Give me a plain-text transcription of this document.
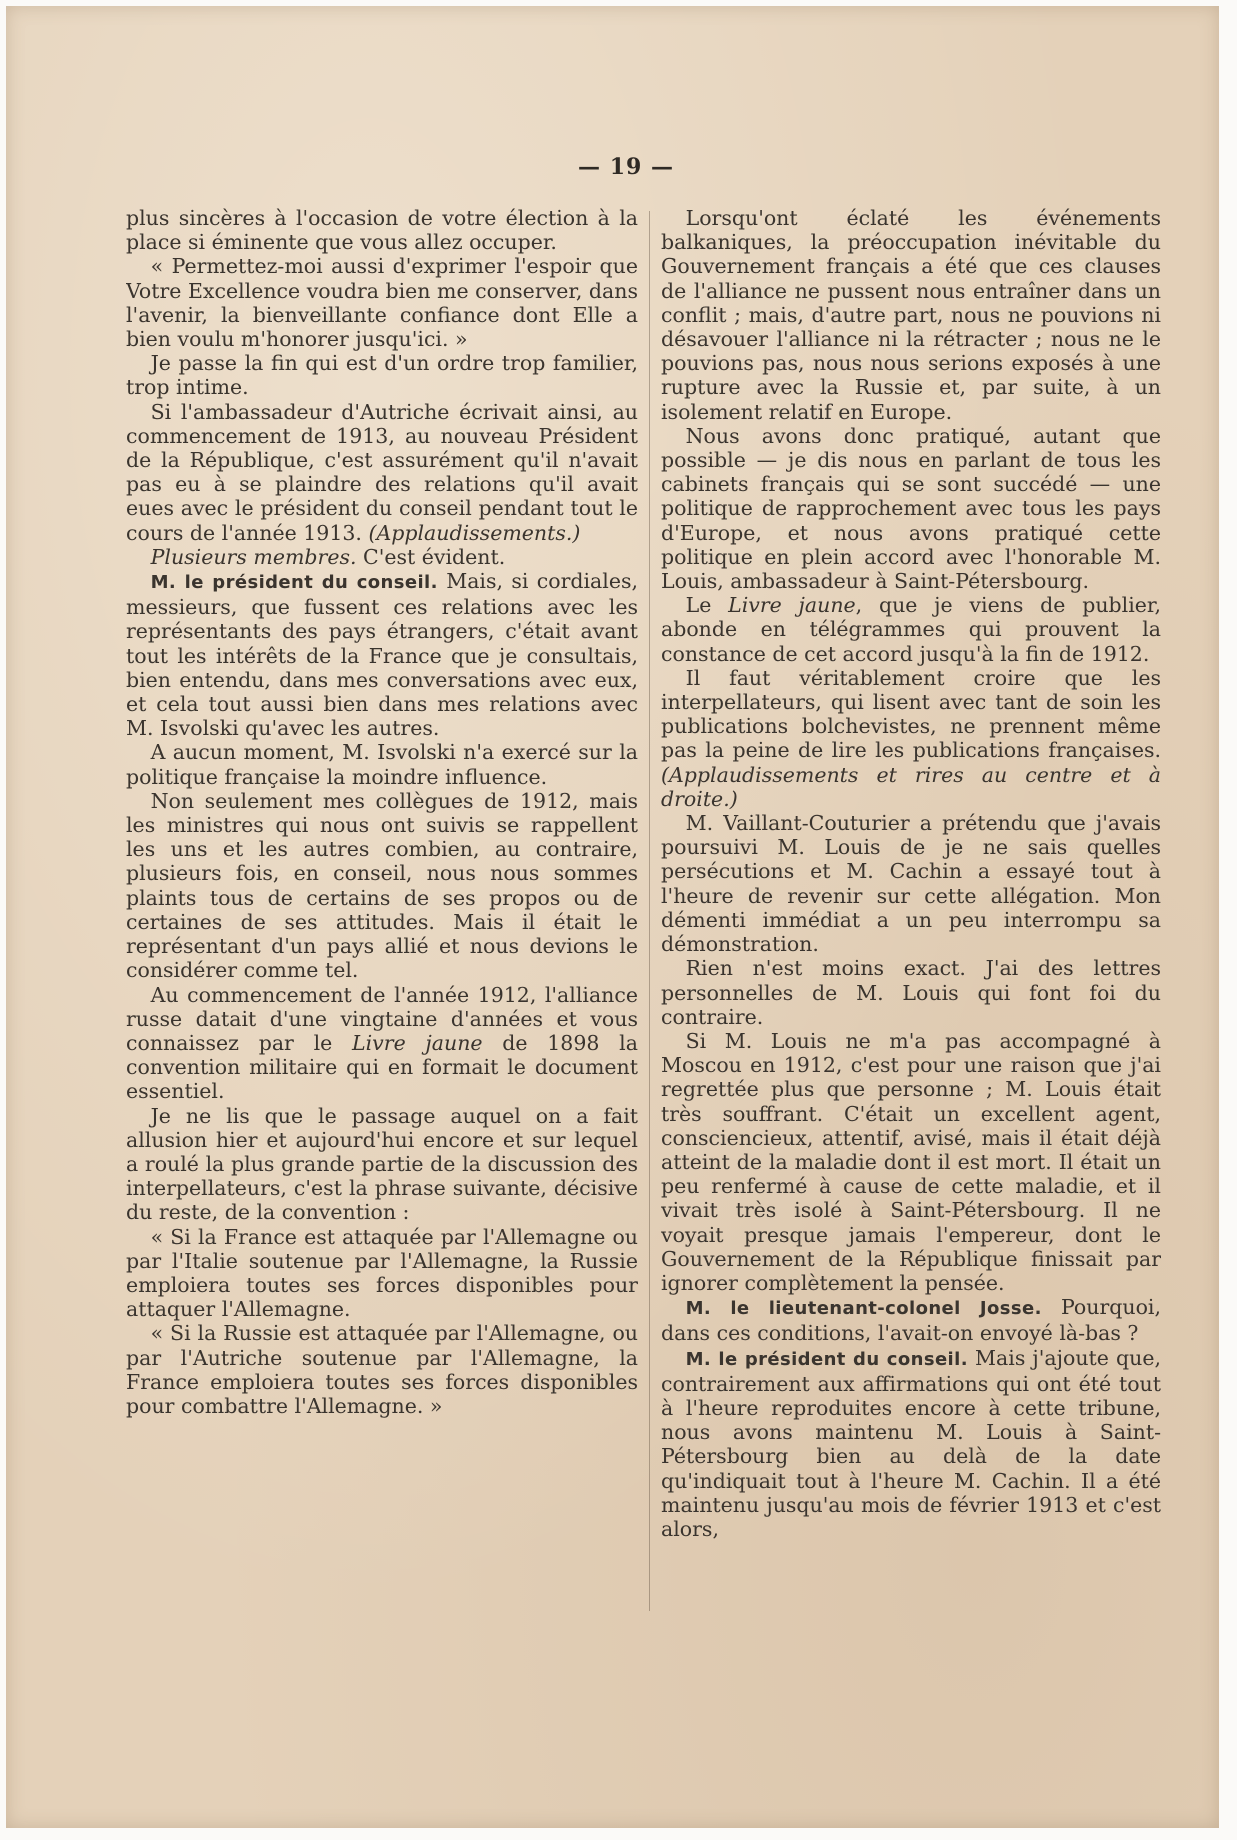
— 19 —

plus sincères à l'occasion de votre élection à la place si éminente que vous allez occuper.

« Permettez-moi aussi d'exprimer l'espoir que Votre Excellence voudra bien me conserver, dans l'avenir, la bienveillante confiance dont Elle a bien voulu m'honorer jusqu'ici. »

Je passe la fin qui est d'un ordre trop familier, trop intime.

Si l'ambassadeur d'Autriche écrivait ainsi, au commencement de 1913, au nouveau Président de la République, c'est assurément qu'il n'avait pas eu à se plaindre des relations qu'il avait eues avec le président du conseil pendant tout le cours de l'année 1913. (Applaudissements.)

Plusieurs membres. C'est évident.

M. le président du conseil. Mais, si cordiales, messieurs, que fussent ces relations avec les représentants des pays étrangers, c'était avant tout les intérêts de la France que je consultais, bien entendu, dans mes conversations avec eux, et cela tout aussi bien dans mes relations avec M. Isvolski qu'avec les autres.

A aucun moment, M. Isvolski n'a exercé sur la politique française la moindre influence.

Non seulement mes collègues de 1912, mais les ministres qui nous ont suivis se rappellent les uns et les autres combien, au contraire, plusieurs fois, en conseil, nous nous sommes plaints tous de certains de ses propos ou de certaines de ses attitudes. Mais il était le représentant d'un pays allié et nous devions le considérer comme tel.

Au commencement de l'année 1912, l'alliance russe datait d'une vingtaine d'années et vous connaissez par le Livre jaune de 1898 la convention militaire qui en formait le document essentiel.

Je ne lis que le passage auquel on a fait allusion hier et aujourd'hui encore et sur lequel a roulé la plus grande partie de la discussion des interpellateurs, c'est la phrase suivante, décisive du reste, de la convention :

« Si la France est attaquée par l'Allemagne ou par l'Italie soutenue par l'Allemagne, la Russie emploiera toutes ses forces disponibles pour attaquer l'Allemagne.

« Si la Russie est attaquée par l'Allemagne, ou par l'Autriche soutenue par l'Allemagne, la France emploiera toutes ses forces disponibles pour combattre l'Allemagne. »

Lorsqu'ont éclaté les événements balkaniques, la préoccupation inévitable du Gouvernement français a été que ces clauses de l'alliance ne pussent nous entraîner dans un conflit ; mais, d'autre part, nous ne pouvions ni désavouer l'alliance ni la rétracter ; nous ne le pouvions pas, nous nous serions exposés à une rupture avec la Russie et, par suite, à un isolement relatif en Europe.

Nous avons donc pratiqué, autant que possible — je dis nous en parlant de tous les cabinets français qui se sont succédé — une politique de rapprochement avec tous les pays d'Europe, et nous avons pratiqué cette politique en plein accord avec l'honorable M. Louis, ambassadeur à Saint-Pétersbourg.

Le Livre jaune, que je viens de publier, abonde en télégrammes qui prouvent la constance de cet accord jusqu'à la fin de 1912.

Il faut véritablement croire que les interpellateurs, qui lisent avec tant de soin les publications bolchevistes, ne prennent même pas la peine de lire les publications françaises. (Applaudissements et rires au centre et à droite.)

M. Vaillant-Couturier a prétendu que j'avais poursuivi M. Louis de je ne sais quelles persécutions et M. Cachin a essayé tout à l'heure de revenir sur cette allégation. Mon démenti immédiat a un peu interrompu sa démonstration.

Rien n'est moins exact. J'ai des lettres personnelles de M. Louis qui font foi du contraire.

Si M. Louis ne m'a pas accompagné à Moscou en 1912, c'est pour une raison que j'ai regrettée plus que personne ; M. Louis était très souffrant. C'était un excellent agent, consciencieux, attentif, avisé, mais il était déjà atteint de la maladie dont il est mort. Il était un peu renfermé à cause de cette maladie, et il vivait très isolé à Saint-Pétersbourg. Il ne voyait presque jamais l'empereur, dont le Gouvernement de la République finissait par ignorer complètement la pensée.

M. le lieutenant-colonel Josse. Pourquoi, dans ces conditions, l'avait-on envoyé là-bas ?

M. le président du conseil. Mais j'ajoute que, contrairement aux affirmations qui ont été tout à l'heure reproduites encore à cette tribune, nous avons maintenu M. Louis à Saint-Pétersbourg bien au delà de la date qu'indiquait tout à l'heure M. Cachin. Il a été maintenu jusqu'au mois de février 1913 et c'est alors,
